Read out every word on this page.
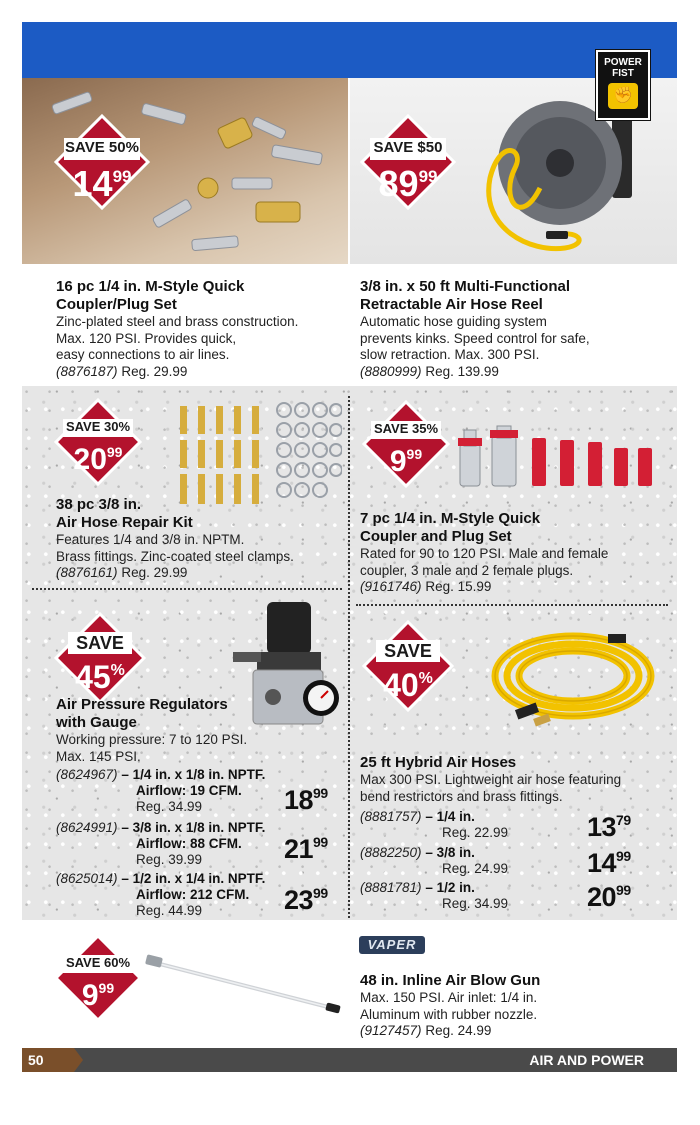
16 pc 1/4 in. M-Style Quick
Coupler/Plug Set
Zinc-plated steel and brass construction.
Max. 120 PSI. Provides quick,
easy connections to air lines.
(8876187) Reg. 29.99
3/8 in. x 50 ft Multi-Functional
Retractable Air Hose Reel
Automatic hose guiding system
prevents kinks. Speed control for safe,
slow retraction. Max. 300 PSI.
(8880999) Reg. 139.99
SAVE 50%
$14^{99}$
SAVE $50
$89^{99}$
POWER
FIST
✊
SAVE 30%
$20^{99}$
38 pc 3/8 in.
Air Hose Repair Kit
Features 1/4 and 3/8 in. NPTM.
Brass fittings. Zinc-coated steel clamps.
(8876161) Reg. 29.99
SAVE 35%
$9^{99}$
7 pc 1/4 in. M-Style Quick
Coupler and Plug Set
Rated for 90 to 120 PSI. Male and female
coupler, 3 male and 2 female plugs.
(9161746) Reg. 15.99
SAVE
45%
Air Pressure Regulators
with Gauge
Working pressure: 7 to 120 PSI.
Max. 145 PSI.
(8624967) – 1/4 in. x 1/8 in. NPTF.
Airflow: 19 CFM.
Reg. 34.99	$18^{99}$
(8624991) – 3/8 in. x 1/8 in. NPTF.
Airflow: 88 CFM.
Reg. 39.99	$21^{99}$
(8625014) – 1/2 in. x 1/4 in. NPTF.
Airflow: 212 CFM.
Reg. 44.99	$23^{99}$
SAVE
40%
25 ft Hybrid Air Hoses
Max 300 PSI. Lightweight air hose featuring
bend restrictors and brass fittings.
(8881757) – 1/4 in.
Reg. 22.99	$13^{79}$
(8882250) – 3/8 in.
Reg. 24.99	$14^{99}$
(8881781) – 1/2 in.
Reg. 34.99	$20^{99}$
SAVE 60%
$9^{99}$
VAPER
48 in. Inline Air Blow Gun
Max. 150 PSI. Air inlet: 1/4 in.
Aluminum with rubber nozzle.
(9127457) Reg. 24.99
50	AIR AND POWER
